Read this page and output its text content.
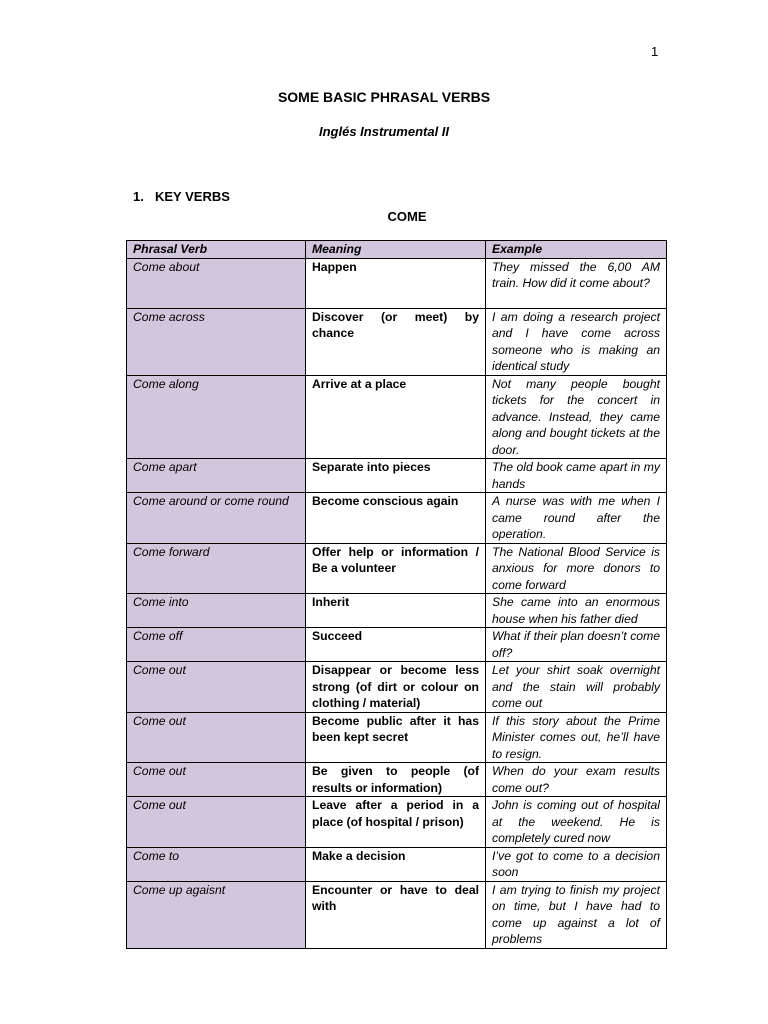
1
SOME BASIC PHRASAL VERBS
Inglés Instrumental II
1. KEY VERBS
COME
Phrasal Verb	Meaning	Example
Come about	Happen	They missed the 6,00 AM train. How did it come about?
Come across	Discover (or meet) by chance	I am doing a research project and I have come across someone who is making an identical study
Come along	Arrive at a place	Not many people bought tickets for the concert in advance. Instead, they came along and bought tickets at the door.
Come apart	Separate into pieces	The old book came apart in my hands
Come around or come round	Become conscious again	A nurse was with me when I came round after the operation.
Come forward	Offer help or information / Be a volunteer	The National Blood Service is anxious for more donors to come forward
Come into	Inherit	She came into an enormous house when his father died
Come off	Succeed	What if their plan doesn’t come off?
Come out	Disappear or become less strong (of dirt or colour on clothing / material)	Let your shirt soak overnight and the stain will probably come out
Come out	Become public after it has been kept secret	If this story about the Prime Minister comes out, he’ll have to resign.
Come out	Be given to people (of results or information)	When do your exam results come out?
Come out	Leave after a period in a place (of hospital / prison)	John is coming out of hospital at the weekend. He is completely cured now
Come to	Make a decision	I’ve got to come to a decision soon
Come up agaisnt	Encounter or have to deal with	I am trying to finish my project on time, but I have had to come up against a lot of problems
